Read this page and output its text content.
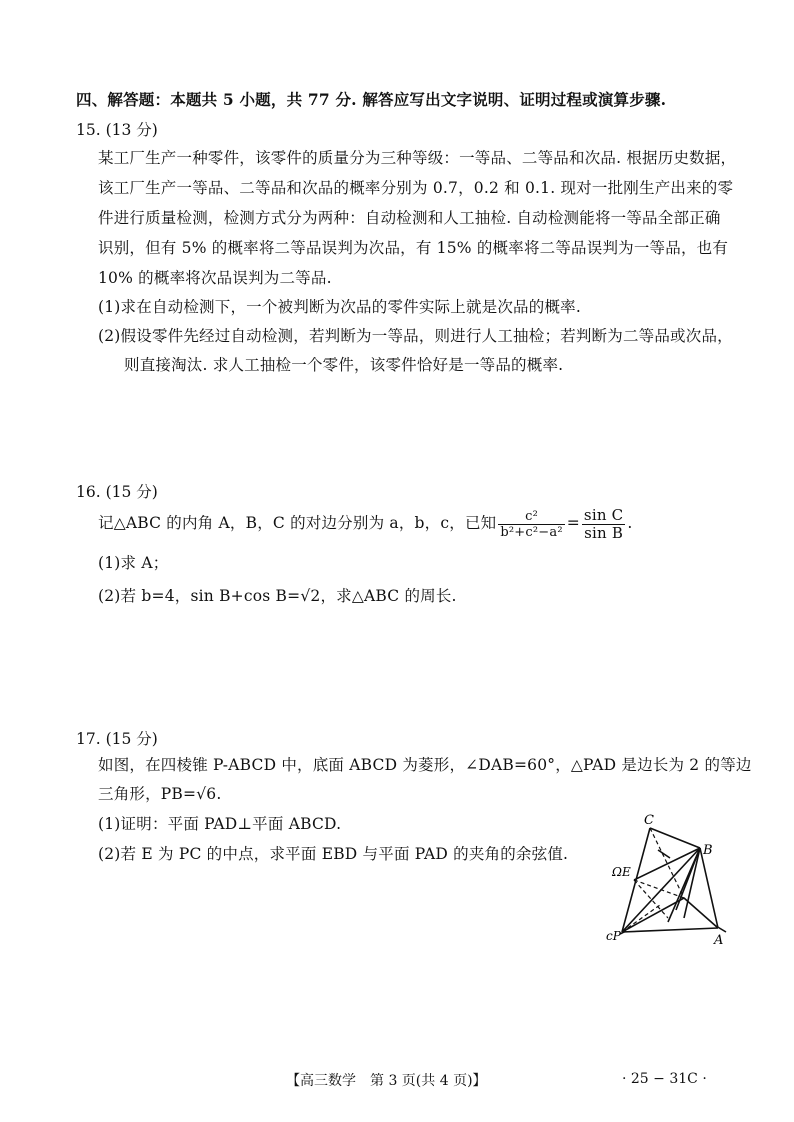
四、解答题：本题共 5 小题，共 77 分. 解答应写出文字说明、证明过程或演算步骤.
15. (13 分)
某工厂生产一种零件，该零件的质量分为三种等级：一等品、二等品和次品. 根据历史数据，
该工厂生产一等品、二等品和次品的概率分别为 0.7，0.2 和 0.1. 现对一批刚生产出来的零
件进行质量检测，检测方式分为两种：自动检测和人工抽检. 自动检测能将一等品全部正确
识别，但有 5% 的概率将二等品误判为次品，有 15% 的概率将二等品误判为一等品，也有
10% 的概率将次品误判为二等品.
(1)求在自动检测下，一个被判断为次品的零件实际上就是次品的概率.
(2)假设零件先经过自动检测，若判断为一等品，则进行人工抽检；若判断为二等品或次品，
则直接淘汰. 求人工抽检一个零件，该零件恰好是一等品的概率.
16. (15 分)
记△ABC 的内角 A，B，C 的对边分别为 a，b，c，已知 $\frac{\text{c²}}{\text{b²+c²−a²}} = \frac{\text{sin C}}{\text{sin B}}$ .
(1)求 A；
(2)若 b=4，sin B+cos B=√2，求△ABC 的周长.
17. (15 分)
如图，在四棱锥 P-ABCD 中，底面 ABCD 为菱形，∠DAB=60°，△PAD 是边长为 2 的等边
三角形，PB=√6.
(1)证明：平面 PAD⊥平面 ABCD.
(2)若 E 为 PC 的中点，求平面 EBD 与平面 PAD 的夹角的余弦值.
C
B
ΩE
cP	A
【高三数学　第 3 页(共 4 页)】	· 25 − 31C ·
